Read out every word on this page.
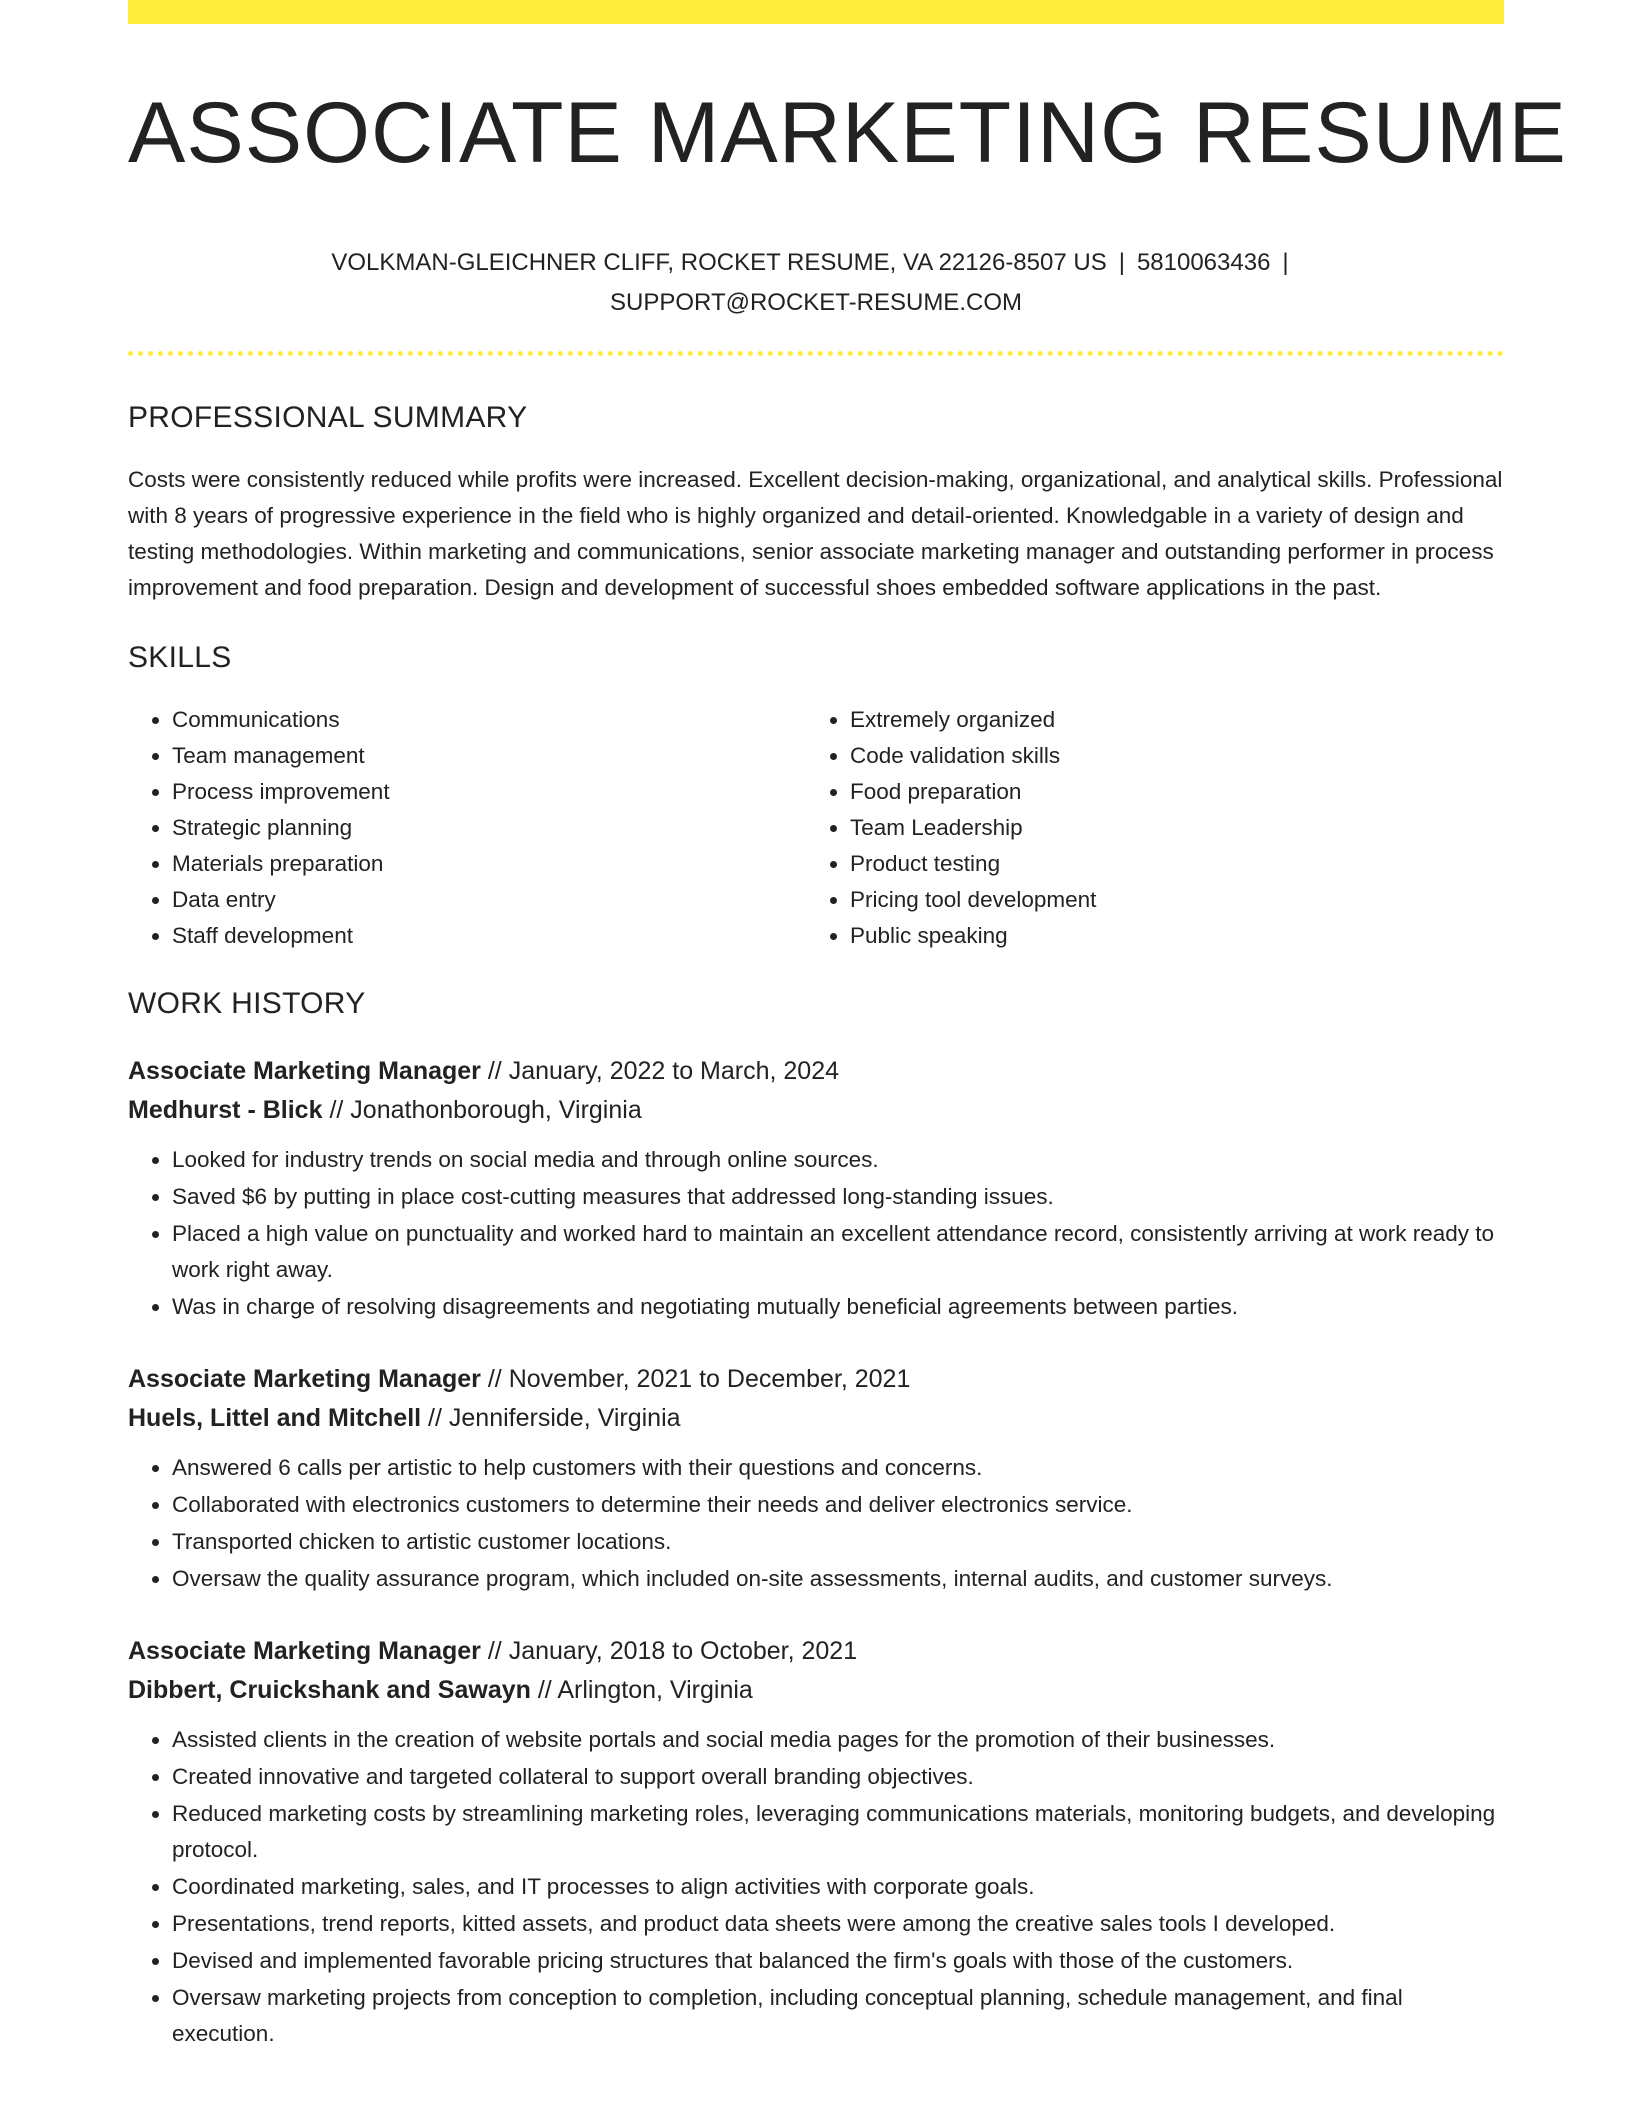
ASSOCIATE MARKETING RESUME
VOLKMAN-GLEICHNER CLIFF, ROCKET RESUME, VA 22126-8507 US | 5810063436 |
SUPPORT@ROCKET-RESUME.COM
PROFESSIONAL SUMMARY

Costs were consistently reduced while profits were increased. Excellent decision-making, organizational, and analytical skills. Professional with 8 years of progressive experience in the field who is highly organized and detail-oriented. Knowledgable in a variety of design and testing methodologies. Within marketing and communications, senior associate marketing manager and outstanding performer in process improvement and food preparation. Design and development of successful shoes embedded software applications in the past.

SKILLS
• Communications
• Team management
• Process improvement
• Strategic planning
• Materials preparation
• Data entry
• Staff development
• Extremely organized
• Code validation skills
• Food preparation
• Team Leadership
• Product testing
• Pricing tool development
• Public speaking
WORK HISTORY
Associate Marketing Manager // January, 2022 to March, 2024
Medhurst - Blick // Jonathonborough, Virginia
• Looked for industry trends on social media and through online sources.
• Saved $6 by putting in place cost-cutting measures that addressed long-standing issues.
• Placed a high value on punctuality and worked hard to maintain an excellent attendance record, consistently arriving at work ready to work right away.
• Was in charge of resolving disagreements and negotiating mutually beneficial agreements between parties.
Associate Marketing Manager // November, 2021 to December, 2021
Huels, Littel and Mitchell // Jenniferside, Virginia
• Answered 6 calls per artistic to help customers with their questions and concerns.
• Collaborated with electronics customers to determine their needs and deliver electronics service.
• Transported chicken to artistic customer locations.
• Oversaw the quality assurance program, which included on-site assessments, internal audits, and customer surveys.
Associate Marketing Manager // January, 2018 to October, 2021
Dibbert, Cruickshank and Sawayn // Arlington, Virginia
• Assisted clients in the creation of website portals and social media pages for the promotion of their businesses.
• Created innovative and targeted collateral to support overall branding objectives.
• Reduced marketing costs by streamlining marketing roles, leveraging communications materials, monitoring budgets, and developing protocol.
• Coordinated marketing, sales, and IT processes to align activities with corporate goals.
• Presentations, trend reports, kitted assets, and product data sheets were among the creative sales tools I developed.
• Devised and implemented favorable pricing structures that balanced the firm's goals with those of the customers.
• Oversaw marketing projects from conception to completion, including conceptual planning, schedule management, and final execution.
